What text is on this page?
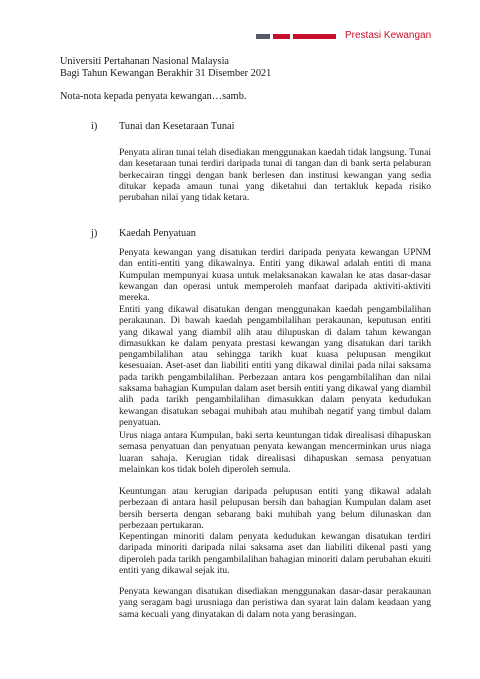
Prestasi Kewangan
Universiti Pertahanan Nasional Malaysia
Bagi Tahun Kewangan Berakhir 31 Disember 2021
Nota-nota kepada penyata kewangan…samb.
i) Tunai dan Kesetaraan Tunai

Penyata aliran tunai telah disediakan menggunakan kaedah tidak langsung. Tunai dan kesetaraan tunai terdiri daripada tunai di tangan dan di bank serta pelaburan berkecairan tinggi dengan bank berlesen dan institusi kewangan yang sedia ditukar kepada amaun tunai yang diketahui dan tertakluk kepada risiko perubahan nilai yang tidak ketara.

j) Kaedah Penyatuan

Penyata kewangan yang disatukan terdiri daripada penyata kewangan UPNM dan entiti-entiti yang dikawalnya. Entiti yang dikawal adalah entiti di mana Kumpulan mempunyai kuasa untuk melaksanakan kawalan ke atas dasar-dasar kewangan dan operasi untuk memperoleh manfaat daripada aktiviti-aktiviti mereka.

Entiti yang dikawal disatukan dengan menggunakan kaedah pengambilalihan perakaunan. Di bawah kaedah pengambilalihan perakaunan, keputusan entiti yang dikawal yang diambil alih atau dilupuskan di dalam tahun kewangan dimasukkan ke dalam penyata prestasi kewangan yang disatukan dari tarikh pengambilalihan atau sehingga tarikh kuat kuasa pelupusan mengikut kesesuaian. Aset-aset dan liabiliti entiti yang dikawal dinilai pada nilai saksama pada tarikh pengambilalihan. Perbezaan antara kos pengambilalihan dan nilai saksama bahagian Kumpulan dalam aset bersih entiti yang dikawal yang diambil alih pada tarikh pengambilalihan dimasukkan dalam penyata kedudukan kewangan disatukan sebagai muhibah atau muhibah negatif yang timbul dalam penyatuan.

Urus niaga antara Kumpulan, baki serta keuntungan tidak direalisasi dihapuskan semasa penyatuan dan penyatuan penyata kewangan mencerminkan urus niaga luaran sahaja. Kerugian tidak direalisasi dihapuskan semasa penyatuan melainkan kos tidak boleh diperoleh semula.

Keuntungan atau kerugian daripada pelupusan entiti yang dikawal adalah perbezaan di antara hasil pelupusan bersih dan bahagian Kumpulan dalam aset bersih berserta dengan sebarang baki muhibah yang belum dilunaskan dan perbezaan pertukaran.

Kepentingan minoriti dalam penyata kedudukan kewangan disatukan terdiri daripada minoriti daripada nilai saksama aset dan liabiliti dikenal pasti yang diperoleh pada tarikh pengambilalihan bahagian minoriti dalam perubahan ekuiti entiti yang dikawal sejak itu.

Penyata kewangan disatukan disediakan menggunakan dasar-dasar perakaunan yang seragam bagi urusniaga dan peristiwa dan syarat lain dalam keadaan yang sama kecuali yang dinyatakan di dalam nota yang berasingan.
